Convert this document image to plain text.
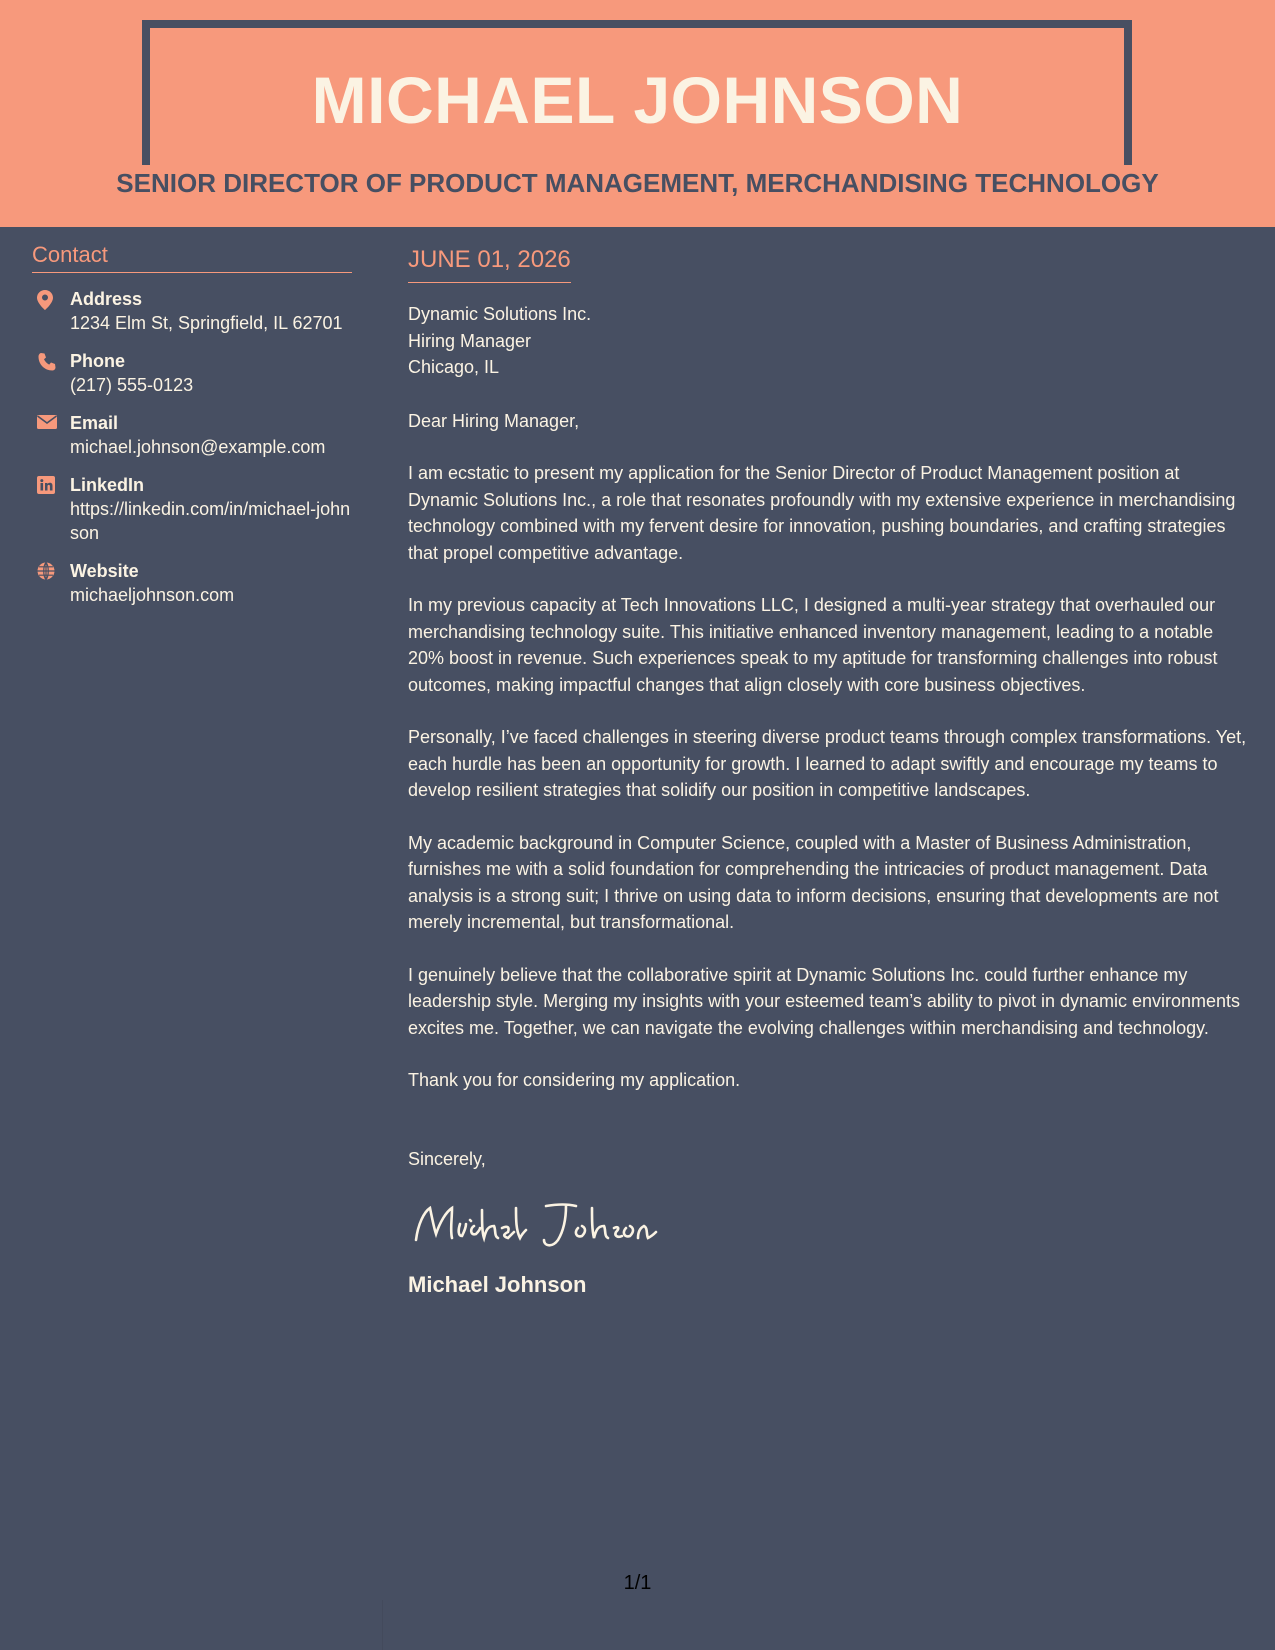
MICHAEL JOHNSON
SENIOR DIRECTOR OF PRODUCT MANAGEMENT, MERCHANDISING TECHNOLOGY
Contact
Address
1234 Elm St, Springfield, IL 62701
Phone
(217) 555-0123
Email
michael.johnson@example.com
LinkedIn
https://linkedin.com/in/michael-johnson
Website
michaeljohnson.com
JUNE 01, 2026
Dynamic Solutions Inc.
Hiring Manager
Chicago, IL
Dear Hiring Manager,
I am ecstatic to present my application for the Senior Director of Product Management position at Dynamic Solutions Inc., a role that resonates profoundly with my extensive experience in merchandising technology combined with my fervent desire for innovation, pushing boundaries, and crafting strategies that propel competitive advantage.
In my previous capacity at Tech Innovations LLC, I designed a multi-year strategy that overhauled our merchandising technology suite. This initiative enhanced inventory management, leading to a notable 20% boost in revenue. Such experiences speak to my aptitude for transforming challenges into robust outcomes, making impactful changes that align closely with core business objectives.
Personally, I’ve faced challenges in steering diverse product teams through complex transformations. Yet, each hurdle has been an opportunity for growth. I learned to adapt swiftly and encourage my teams to develop resilient strategies that solidify our position in competitive landscapes.
My academic background in Computer Science, coupled with a Master of Business Administration, furnishes me with a solid foundation for comprehending the intricacies of product management. Data analysis is a strong suit; I thrive on using data to inform decisions, ensuring that developments are not merely incremental, but transformational.
I genuinely believe that the collaborative spirit at Dynamic Solutions Inc. could further enhance my leadership style. Merging my insights with your esteemed team’s ability to pivot in dynamic environments excites me. Together, we can navigate the evolving challenges within merchandising and technology.
Thank you for considering my application.
Sincerely,
Michael Johnson
1/1
